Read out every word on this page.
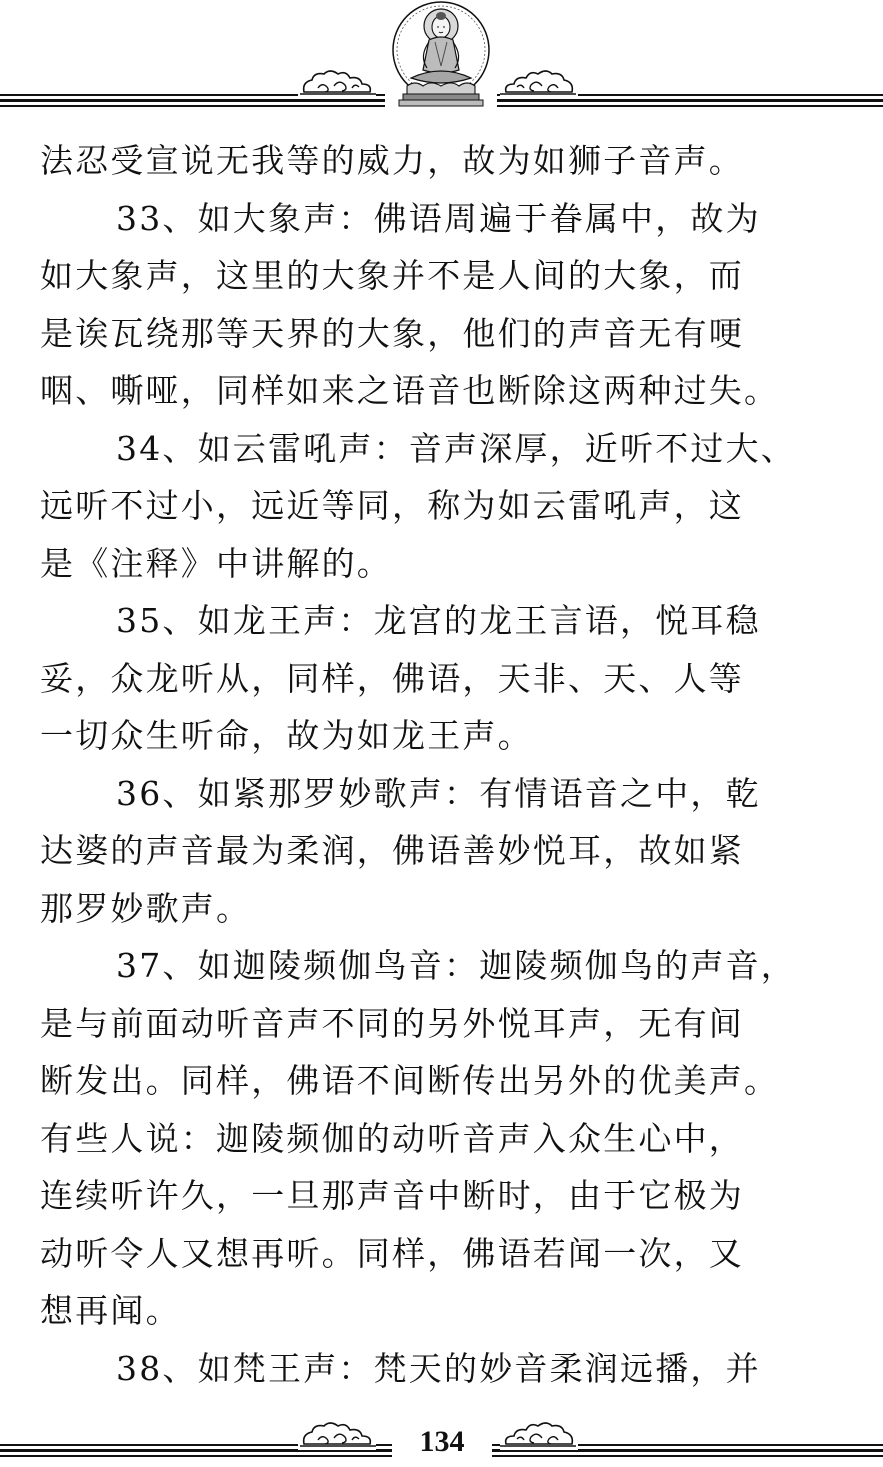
法忍受宣说无我等的威力，故为如狮子音声。
33、如大象声：佛语周遍于眷属中，故为
如大象声，这里的大象并不是人间的大象，而
是诶瓦绕那等天界的大象，他们的声音无有哽
咽、嘶哑，同样如来之语音也断除这两种过失。
34、如云雷吼声：音声深厚，近听不过大、
远听不过小，远近等同，称为如云雷吼声，这
是《注释》中讲解的。
35、如龙王声：龙宫的龙王言语，悦耳稳
妥，众龙听从，同样，佛语，天非、天、人等
一切众生听命，故为如龙王声。
36、如紧那罗妙歌声：有情语音之中，乾
达婆的声音最为柔润，佛语善妙悦耳，故如紧
那罗妙歌声。
37、如迦陵频伽鸟音：迦陵频伽鸟的声音，
是与前面动听音声不同的另外悦耳声，无有间
断发出。同样，佛语不间断传出另外的优美声。
有些人说：迦陵频伽的动听音声入众生心中，
连续听许久，一旦那声音中断时，由于它极为
动听令人又想再听。同样，佛语若闻一次，又
想再闻。
38、如梵王声：梵天的妙音柔润远播，并
134
